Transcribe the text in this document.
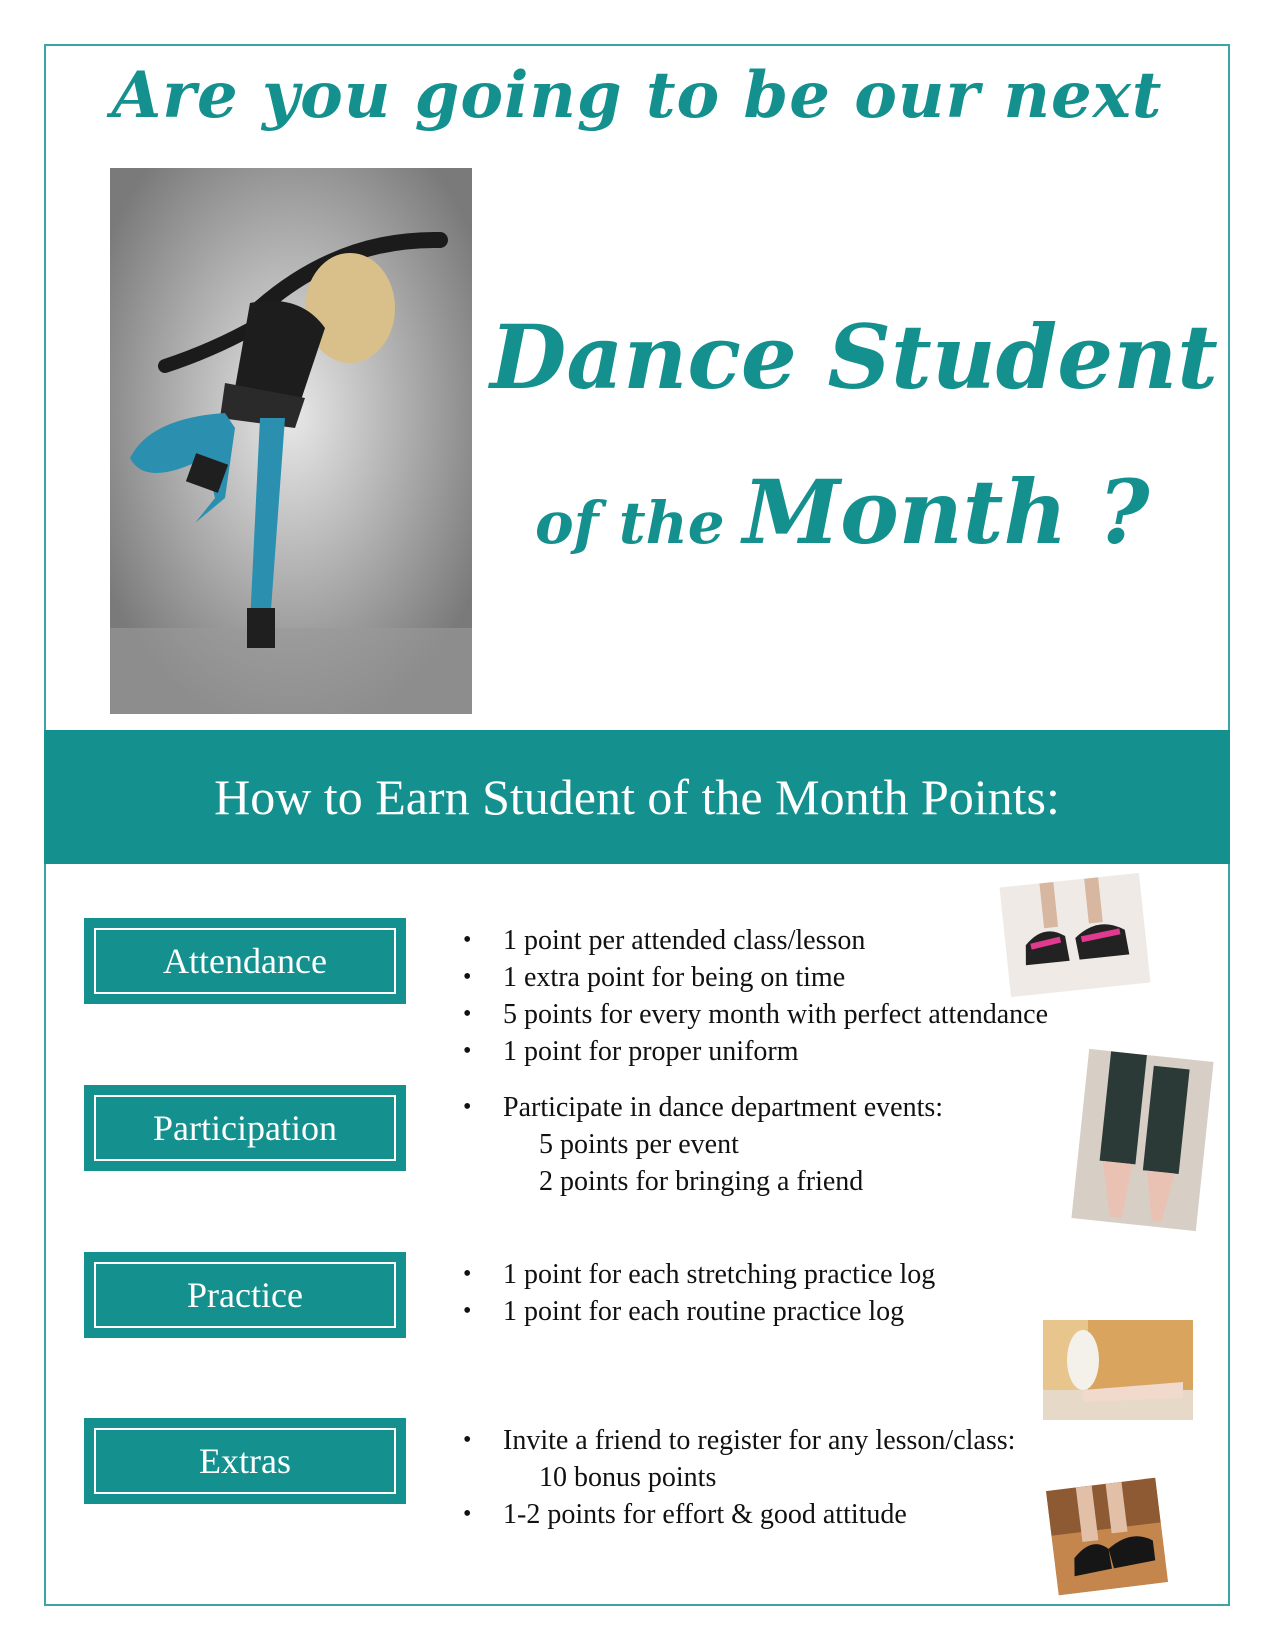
Are you going to be our next
Dance Student
of the Month ?
How to Earn Student of the Month Points:
Attendance
• 1 point per attended class/lesson
• 1 extra point for being on time
• 5 points for every month with perfect attendance
• 1 point for proper uniform
Participation
• Participate in dance department events:
5 points per event
2 points for bringing a friend
Practice
• 1 point for each stretching practice log
• 1 point for each routine practice log
Extras
• Invite a friend to register for any lesson/class:
10 bonus points
• 1-2 points for effort & good attitude
